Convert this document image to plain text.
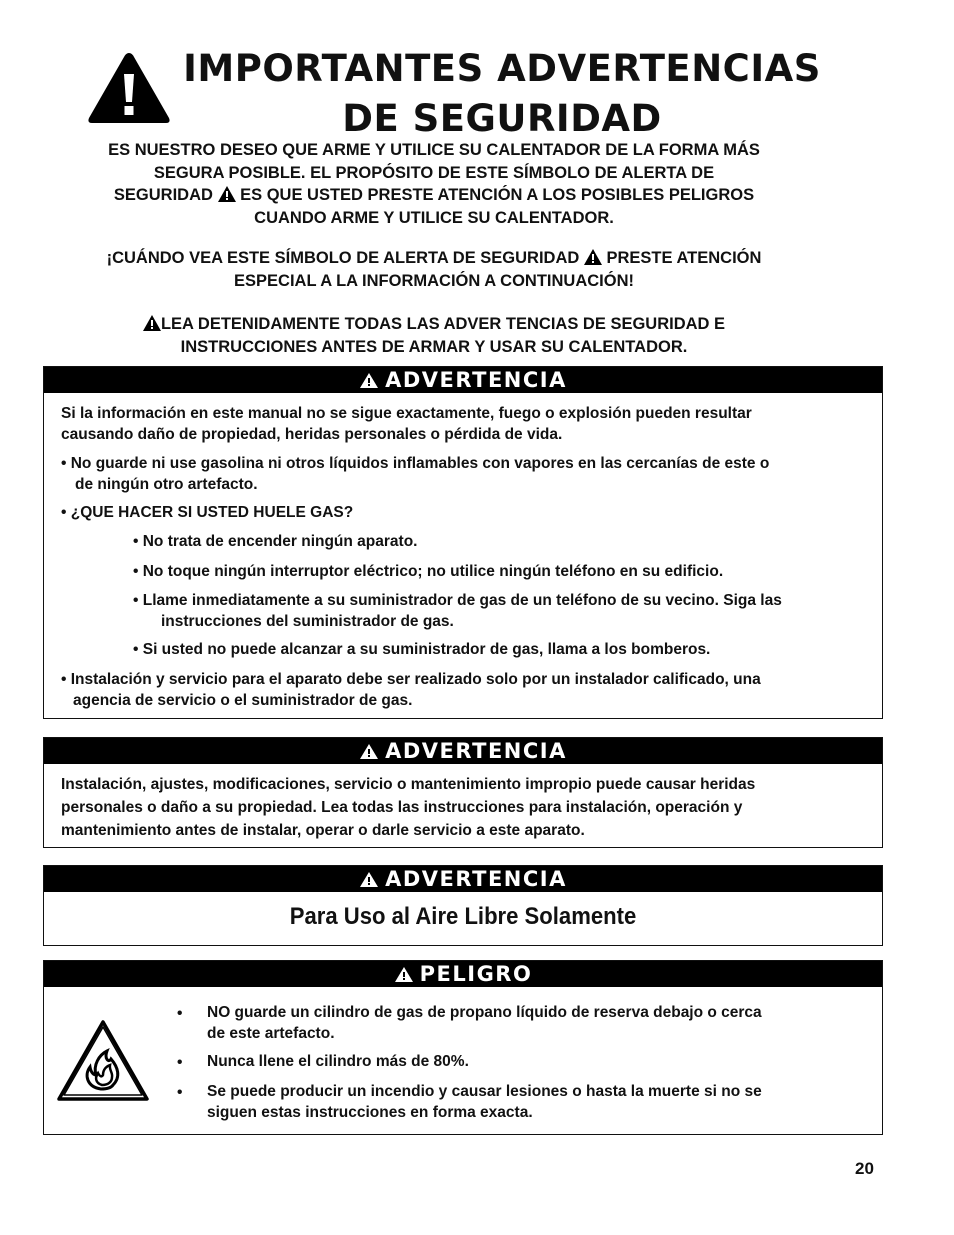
IMPORTANTES ADVERTENCIAS
DE SEGURIDAD
ES NUESTRO DESEO QUE ARME Y UTILICE SU CALENTADOR DE LA FORMA MÁS
SEGURA POSIBLE. EL PROPÓSITO DE ESTE SÍMBOLO DE ALERTA DE
SEGURIDAD ES QUE USTED PRESTE ATENCIÓN A LOS POSIBLES PELIGROS
CUANDO ARME Y UTILICE SU CALENTADOR.
¡CUÁNDO VEA ESTE SÍMBOLO DE ALERTA DE SEGURIDAD PRESTE ATENCIÓN
ESPECIAL A LA INFORMACIÓN A CONTINUACIÓN!
LEA DETENIDAMENTE TODAS LAS ADVER TENCIAS DE SEGURIDAD E
INSTRUCCIONES ANTES DE ARMAR Y USAR SU CALENTADOR.
ADVERTENCIA
Si la información en este manual no se sigue exactamente, fuego o explosión pueden resultar
causando daño de propiedad, heridas personales o pérdida de vida.
• No guarde ni use gasolina ni otros líquidos inflamables con vapores en las cercanías de este o
de ningún otro artefacto.
• ¿QUE HACER SI USTED HUELE GAS?
• No trata de encender ningún aparato.
• No toque ningún interruptor eléctrico; no utilice ningún teléfono en su edificio.
• Llame inmediatamente a su suministrador de gas de un teléfono de su vecino. Siga las
instrucciones del suministrador de gas.
• Si usted no puede alcanzar a su suministrador de gas, llama a los bomberos.
• Instalación y servicio para el aparato debe ser realizado solo por un instalador calificado, una
agencia de servicio o el suministrador de gas.
ADVERTENCIA
Instalación, ajustes, modificaciones, servicio o mantenimiento impropio puede causar heridas
personales o daño a su propiedad. Lea todas las instrucciones para instalación, operación y
mantenimiento antes de instalar, operar o darle servicio a este aparato.
ADVERTENCIA
Para Uso al Aire Libre Solamente
PELIGRO
• NO guarde un cilindro de gas de propano líquido de reserva debajo o cerca
de este artefacto.
• Nunca llene el cilindro más de 80%.
• Se puede producir un incendio y causar lesiones o hasta la muerte si no se
siguen estas instrucciones en forma exacta.
20
